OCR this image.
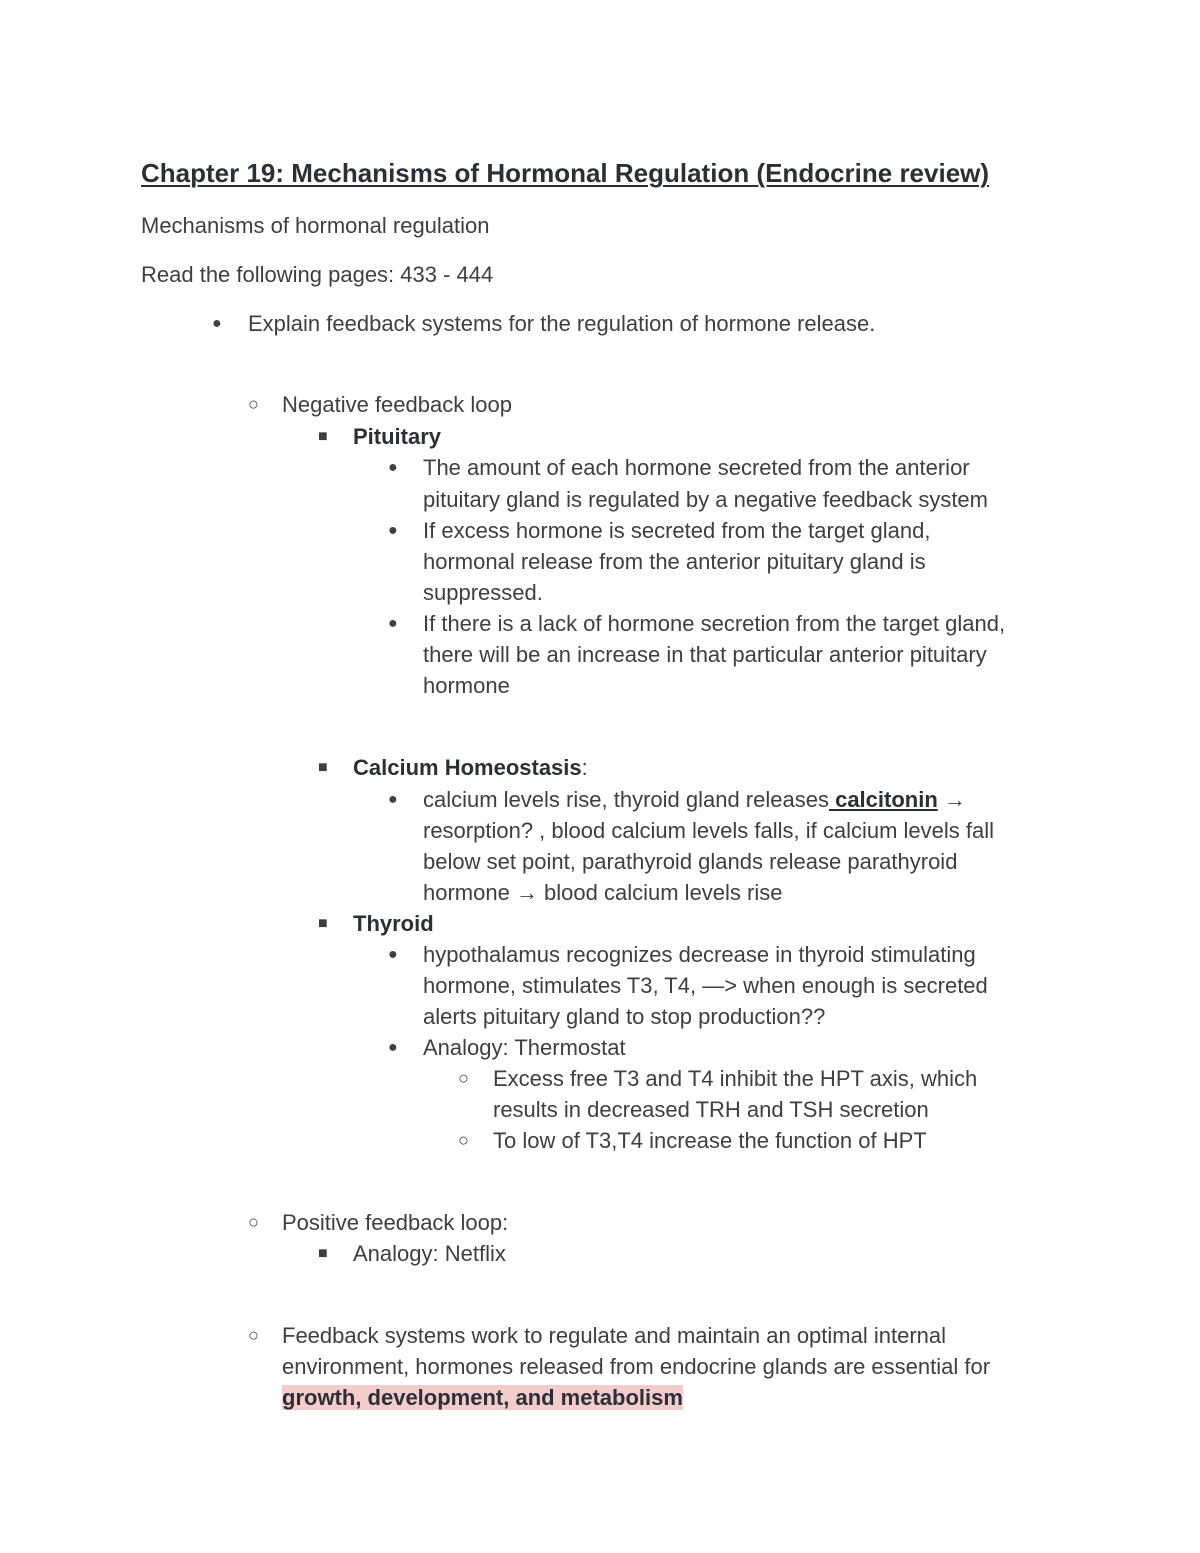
Chapter 19: Mechanisms of Hormonal Regulation (Endocrine review)
Mechanisms of hormonal regulation
Read the following pages: 433 - 444
● Explain feedback systems for the regulation of hormone release.
○ Negative feedback loop
■ Pituitary
● The amount of each hormone secreted from the anterior
pituitary gland is regulated by a negative feedback system
● If excess hormone is secreted from the target gland,
hormonal release from the anterior pituitary gland is
suppressed.
● If there is a lack of hormone secretion from the target gland,
there will be an increase in that particular anterior pituitary
hormone
■ Calcium Homeostasis:
● calcium levels rise, thyroid gland releases calcitonin →
resorption? , blood calcium levels falls, if calcium levels fall
below set point, parathyroid glands release parathyroid
hormone → blood calcium levels rise
■ Thyroid
● hypothalamus recognizes decrease in thyroid stimulating
hormone, stimulates T3, T4, —> when enough is secreted
alerts pituitary gland to stop production??
● Analogy: Thermostat
○ Excess free T3 and T4 inhibit the HPT axis, which
results in decreased TRH and TSH secretion
○ To low of T3,T4 increase the function of HPT
○ Positive feedback loop:
■ Analogy: Netflix
○ Feedback systems work to regulate and maintain an optimal internal
environment, hormones released from endocrine glands are essential for
growth, development, and metabolism
